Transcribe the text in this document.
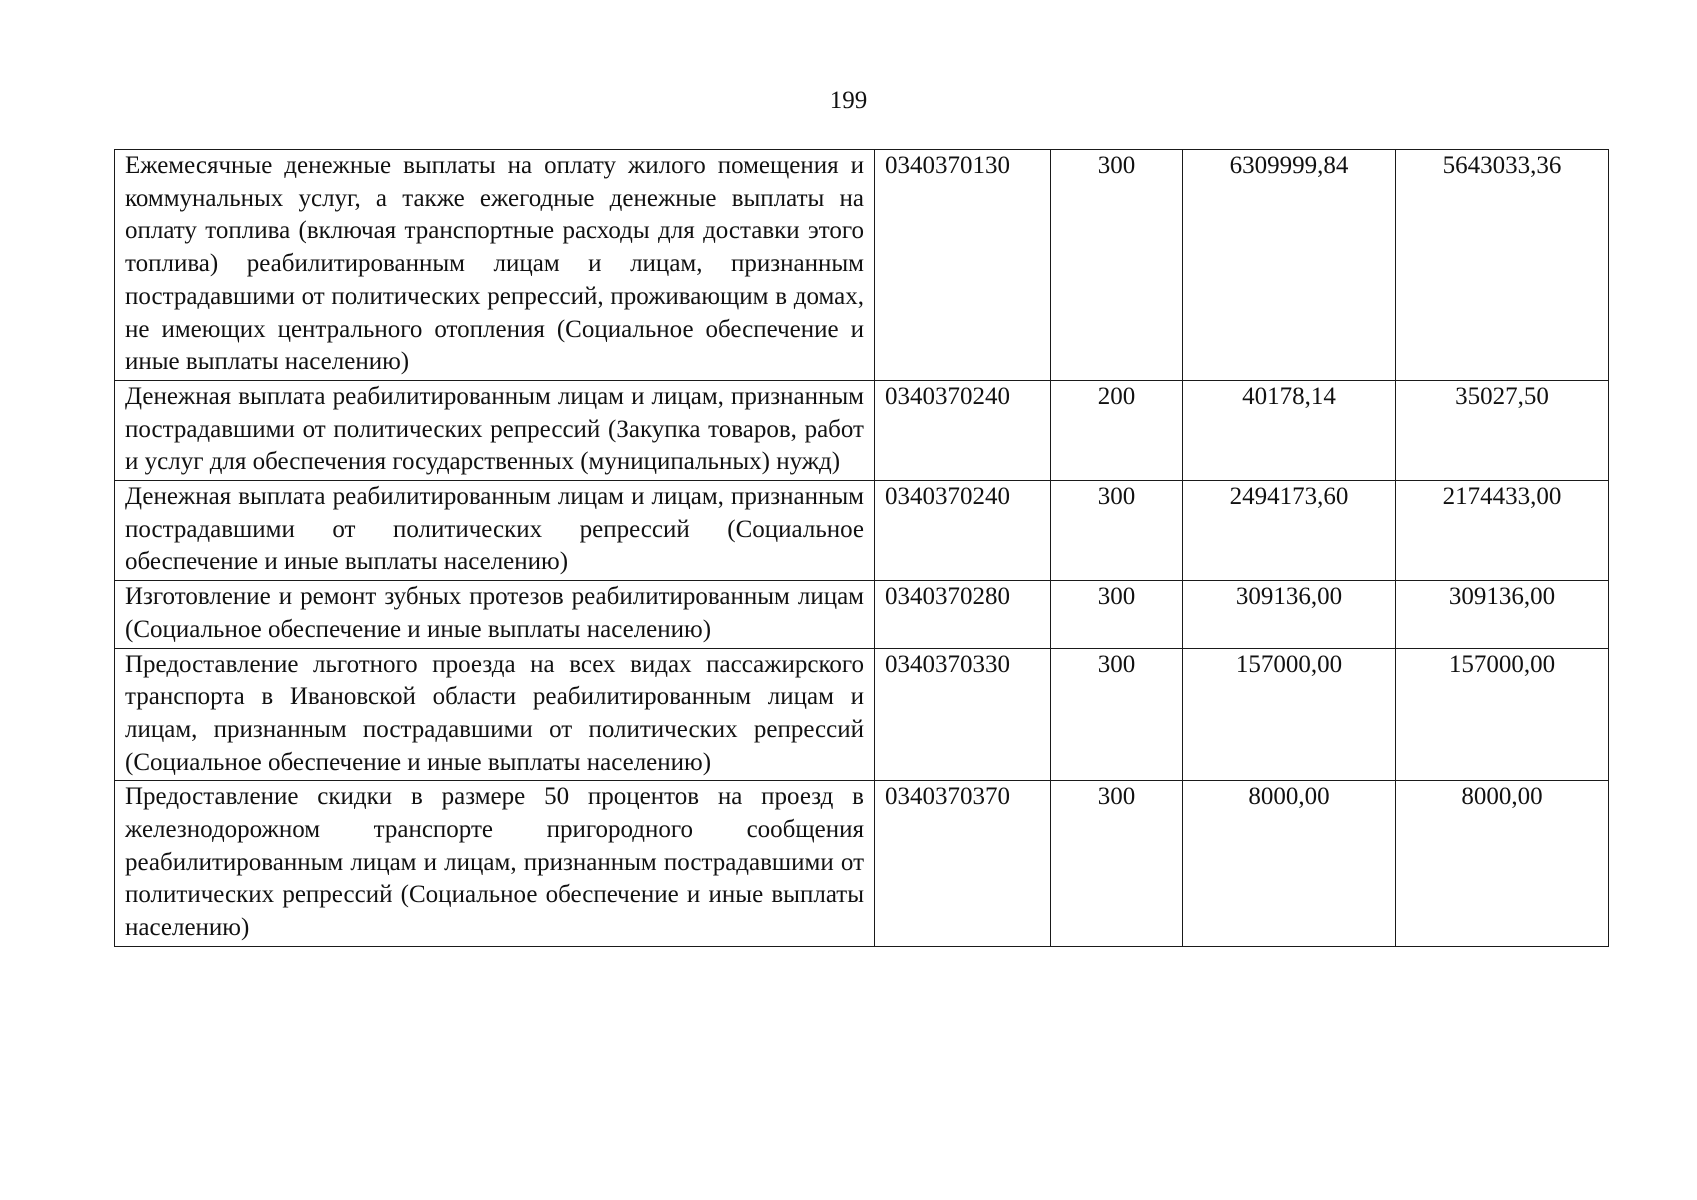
199
Ежемесячные денежные выплаты на оплату жилого помещения и коммунальных услуг, а также ежегодные денежные выплаты на оплату топлива (включая транспортные расходы для доставки этого топлива) реабилитированным лицам и лицам, признанным пострадавшими от политических репрессий, проживающим в домах, не имеющих центрального отопления (Социальное обеспечение и иные выплаты населению)	0340370130	300	6309999,84	5643033,36
Денежная выплата реабилитированным лицам и лицам, признанным пострадавшими от политических репрессий (Закупка товаров, работ и услуг для обеспечения государственных (муниципальных) нужд)	0340370240	200	40178,14	35027,50
Денежная выплата реабилитированным лицам и лицам, признанным пострадавшими от политических репрессий (Социальное обеспечение и иные выплаты населению)	0340370240	300	2494173,60	2174433,00
Изготовление и ремонт зубных протезов реабилитированным лицам (Социальное обеспечение и иные выплаты населению)	0340370280	300	309136,00	309136,00
Предоставление льготного проезда на всех видах пассажирского транспорта в Ивановской области реабилитированным лицам и лицам, признанным пострадавшими от политических репрессий (Социальное обеспечение и иные выплаты населению)	0340370330	300	157000,00	157000,00
Предоставление скидки в размере 50 процентов на проезд в железнодорожном транспорте пригородного сообщения реабилитированным лицам и лицам, признанным пострадавшими от политических репрессий (Социальное обеспечение и иные выплаты населению)	0340370370	300	8000,00	8000,00
